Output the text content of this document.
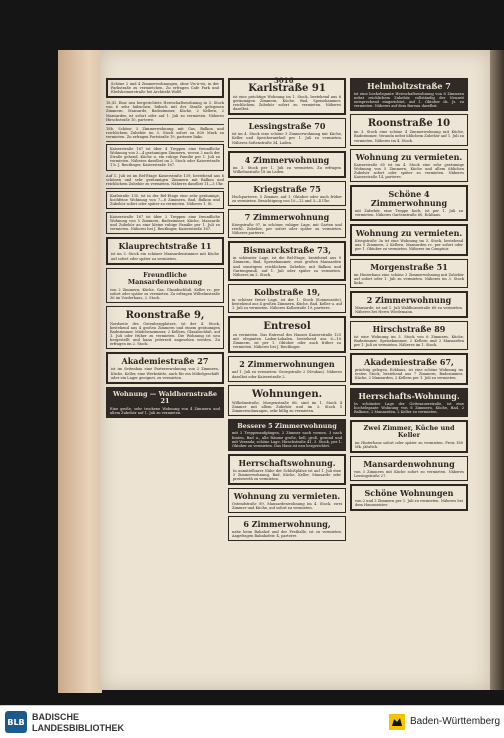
3016
Schöne 2 und 4 Zimmerwohnungen, ohne Vis-à-vis, in der Parkstraße zu vermietchen. Zu erfragen Cafe Park und Ebelsheimerstraße bei Architekt Wolff.
18./II. Eine neu hergerichtete Herrschaftswohnung in 3. Stock von 6 sehr hübschen, hübsch mit der Straße gelegenen Zimmern, Mansarde, Badezimmer, Küche, 2 Kellern, 2 Mansarden ist sofort oder auf 1. Juli zu vermieten. Näheres Hirschstraße 10, parterre.
18b. Schöne 3 Zimmerwohnung mit Gas, Balkon und reichlichem Zubehör im 3. Stock sofort zu 600 Mark zu vermieten. Zu erfragen Portstraße 19, parterre links.
Kaiserstraße 167 ist über 4 Treppen eine freundliche Wohnung von 3—4 geräumigen Zimmern, wovon 2 nach der Straße gehend, Küche u. ein ruhige Familie per 1. Juli zu vermieten. Näheres daselbst im 2. Stock oder Kaiserstraße 1 b. J. Reutlinger, Kaiserstraße 167.
Auf 1. Juli ist im Bel-Etage Kaiserstraße 139, bestehend aus 6 schönen und sehr geräumigen Zimmern mit Balkon und reichlichem Zubehör zu vermieten. Näheres daselbst 11—3 Uhr.
Karlstraße 135, ist in der Bel-Etage eine sehr geräumige, hochfeine Wohnung von 7—8 Zimmern, Bad, Balkon und Zubehör sofort oder später zu vermieten. Näheres 1. St.
Kaiserstraße 167 ist über 2 Treppen eine freundliche Wohnung von 5 Zimmern, Badezimmer, Küche, Mansarde und Zubehör an eine kleine ruhige Familie per 1. Juli zu vermieten. Näheres bei J. Reutlinger, Kaiserstraße 167.
Klauprechtstraße 11
ist im 3. Stock ein schöner Mansardenzimmer mit Küche auf sofort oder später zu vermieten.
Freundliche Mansardenwohnung
von 2 Zimmern, Küche, Gas, Glasabschluß, Keller rc. per sofort oder später zu vermieten. Zu erfragen Wilhelmstraße 36 im Vorderhaus, 2. Stock.
Roonstraße 9,
Nordseite des Gutenbergplatzes, ist der 4. Stock, bestehend aus 4 großen Zimmern und einem geräumigen Badezimmer, Mädchenzimmer, 2 Kellern, Glasabschluß, auf 1. Juli oder früher zu vermieten. Die Wohnung ist neu hergestellt und kann jederzeit angesehen werden. Zu erfragen im 2. Stock.
Akademiestraße 27
ist im Seitenbau eine Parterrewohnung von 2 Zimmern, Küche, Keller, eine Werkstätte, auch für ein Möbelgeschäft oder ein Lager geeignet, zu vermieten.
Wohnung — Waldhornstraße 21
Eine große, sehr trockene Wohnung von 4 Zimmern und allem Zubehör auf 1. Juli zu vermieten.
Karlstraße 91
ist eine prächtige Wohnung im 1. Stock, bestehend aus 6 geräumigen Zimmern, Küche, Bad, Speisekammer, reichlichem Zubehör sofort zu vermieten. Näheres daselbst.
Lessingstraße 70
ist im 4. Stock eine schöne 5 Zimmerwohnung mit Küche, Keller und Speicherantheil per 1. Juli zu vermieten. Näheres Sofienstraße 34, Laden.
4 Zimmerwohnung
im 3. Stock per 1. Juli zu vermieten. Zu erfragen Wilhelmstraße 18 im Laden.
Kriegstraße 75
Hochparterre, 5 Zimmer, auf 1. Oktober oder auch früher zu vermieten. Besichtigung von 10—12 und 3—4 Uhr.
7 Zimmerwohnung
Kriegstraße 97, in schöner, ruhiger Lage, mit Garten und reichl. Zubehör, per sofort oder später zu vermieten. Näheres parterre.
Bismarckstraße 73,
in schönster Lage, ist die Bel-Etage, bestehend aus 9 Zimmern, Bad, Speisekammer, zwei großen Mansarden und sonstigem reichlichem Zubehör, mit Balkon und Gartengenuß, auf 1. Juli oder später zu vermieten. Näheres im 2. Stock.
Kolbstraße 19,
in schöner freier Lage, ist der 1. Stock (Sonnenseite), bestehend aus 4 großen Zimmern, Küche, Bad, Keller u. auf 1. Juli zu vermieten. Näheres Kolbstraße 19, parterre.
Entresol
zu vermieten. Das Entresol des Hauses Kaiserstraße 125 mit eleganten Laden-Lokalen, bestehend aus 6—10 Zimmern, ist per 1. Oktober oder auch früher zu vermieten. Näheres bei J. Reutlinger.
2 Zimmerwohnungen
auf 1. Juli zu vermieten: Georgstraße 2 (Neubau). Näheres daselbst oder Kaiserstraße 2.
Wohnungen.
Wilhelmstraße, Morgenstraße 66, sind im 1. Stock 4 Zimmer mit allem Zubehör und im 3. Stock 5 Zimmerwohnungen, sehr billig zu vermieten.
Bessere 5 Zimmerwohnung
mit 2 Treppenaufgängen, 2 Zimmer nach vornen, 3 nach hinten, Bad u., alle Räume große, hell, groß, gesund und mit Veranda; schöne Lage, Hirschstraße 41, 3. Stock, per 1. Oktober zu vermieten. Das Haus ist neu hergerichtet.
Herrschaftswohnung.
In unmittelbarer Nähe der Schloßplätze ist auf 1. Juli eine 5 Zimmerwohnung, Bad, Küche, Keller, Mansarde sehr preiswerth zu vermieten.
Wohnung zu vermieten.
Ostendstraße 89, Mansardenwohnung im 4. Stock, zwei Zimmer und Küche, auf sofort zu vermieten.
6 Zimmerwohnung,
nahe beim Bahnhof und der Festhalle, ist zu vermieten. Angefragen Bahnhofstr. 4, parterre.
Helmholtzstraße 7
ist eine hochelegante Herrschaftswohnung von 8 Zimmern nebst reichlichem Zubehör, vollständig der Neuzeit entsprechend eingerichtet, auf 1. Oktober ds. Js. zu vermieten. Näheres auf dem Bureau daselbst.
Roonstraße 10
im 3. Stock eine schöne 4 Zimmerwohnung mit Küche, Badezimmer, Veranda nebst üblichem Zubehör auf 1. Juli zu vermieten. Näheres im 4. Stock.
Wohnung zu vermieten.
Kaiserstraße 65 ist im 4. Stock eine sehr geräumige Wohnung von 5 Zimmern, Küche und allem üblichen Zubehör sofort oder später zu vermieten. Näheres Kaiserstraße 14, parterre.
Schöne 4 Zimmerwohnung
mit Zubehör, eine Treppe hoch, ist per 1. Juli zu vermieten. Näheres Gartenstraße 60, Eckhaus.
Wohnung zu vermieten.
Kriegstraße 3a ist eine Wohnung im 3. Stock, bestehend aus 5 Zimmern, 2 Kellern, Mansarden rc. per sofort oder per 1. Oktober zu vermieten. Näheres im Comptoir.
Morgenstraße 51
im Hinterhaus eine schöne 3 Zimmerwohnung mit Zubehör auf sofort oder 1. Juli zu vermieten. Näheres im 3. Stock links.
2 Zimmerwohnung
Mansarde, ist auf 1. Juli Waldhornstraße 68 zu vermieten. Näheres bei Herrn Wiedemann.
Hirschstraße 89
ist eine Wohnung im 3. Stock von 6 Zimmern, Küche, Badezimmer, Speisekammer, 2 Kellern und 2 Mansarden per 1. Juli zu vermieten. Näheres im 1. Stock.
Akademiestraße 67,
prächtig gelegen, Eckhaus, ist eine schöne Wohnung im ersten Stock, bestehend aus 7 Zimmern, Badezimmer, Küche, 2 Mansarden, 2 Kellern per 1. Juli zu vermieten.
Herrschafts-Wohnung.
In schönster Lage der Gottesauerstraße, ist eine hochelegante Wohnung von 8 Zimmern, Küche, Bad, 2 Balkone, 2 Mansarden, 2 Keller zu vermieten.
Zwei Zimmer, Küche und Keller
im Hinterhaus sofort oder später zu vermieten. Preis 180 Mk. jährlich.
Mansardenwohnung
von 3 Zimmern mit Küche sofort zu vermieten. Näheres Lessingstraße 27.
Schöne Wohnungen
von 2 und 3 Zimmern per 1. Juli zu vermieten. Näheres bei dem Hausmeister.
BLB BADISCHE
LANDESBIBLIOTHEK
Baden-Württemberg
